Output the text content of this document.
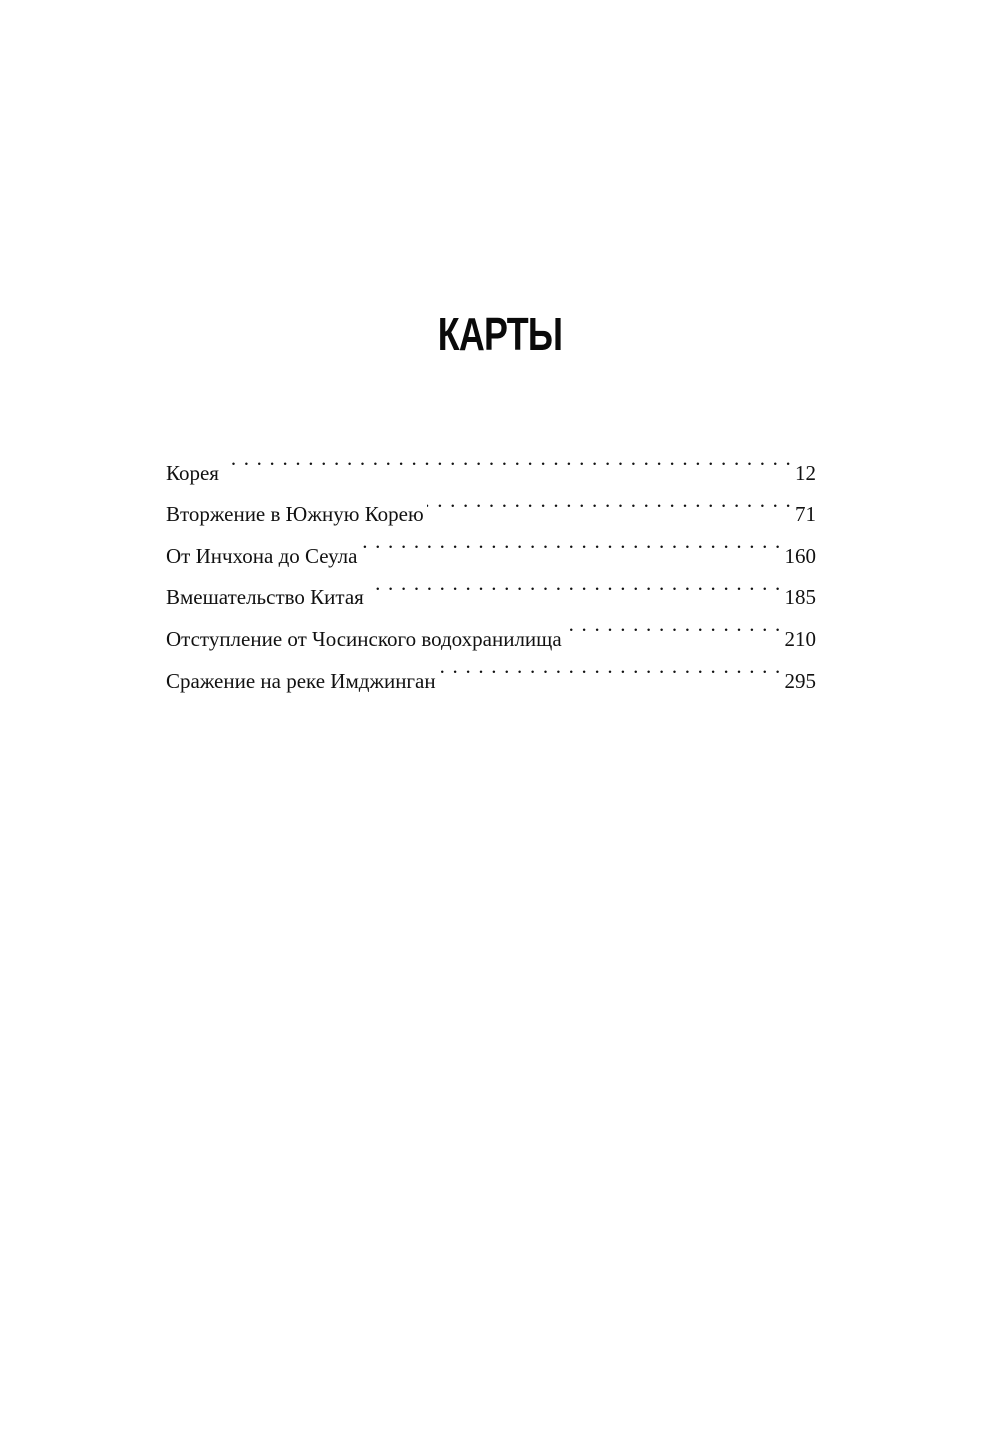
КАРТЫ
Корея . . .	12
Вторжение в Южную Корею . . .	71
От Инчхона до Сеула . . .	160
Вмешательство Китая . . .	185
Отступление от Чосинского водохранилища . . .	210
Сражение на реке Имджинган . . .	295
